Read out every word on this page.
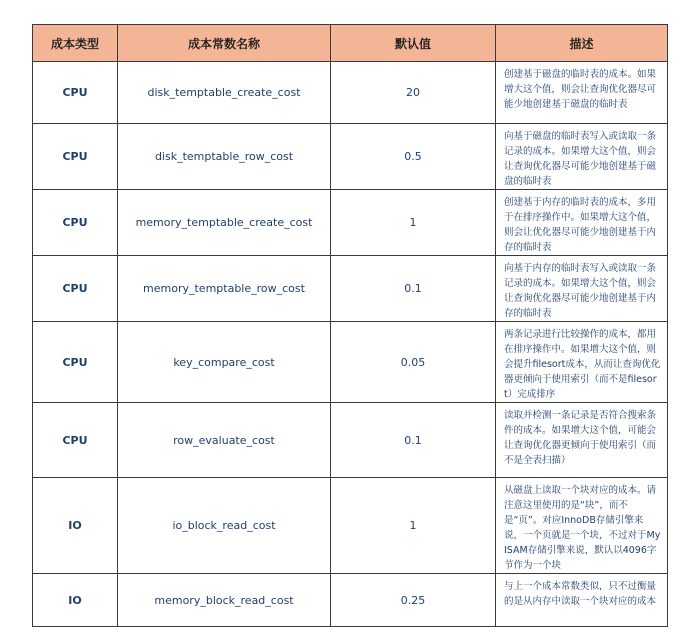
成本类型	成本常数名称	默认值	描述
CPU	disk_temptable_create_cost	20	创建基于磁盘的临时表的成本。如果增大这个值，则会让查询优化器尽可能少地创建基于磁盘的临时表
CPU	disk_temptable_row_cost	0.5	向基于磁盘的临时表写入或读取一条记录的成本。如果增大这个值，则会让查询优化器尽可能少地创建基于磁盘的临时表
CPU	memory_temptable_create_cost	1	创建基于内存的临时表的成本，多用于在排序操作中。如果增大这个值，则会让优化器尽可能少地创建基于内存的临时表
CPU	memory_temptable_row_cost	0.1	向基于内存的临时表写入或读取一条记录的成本。如果增大这个值，则会让查询优化器尽可能少地创建基于内存的临时表
CPU	key_compare_cost	0.05	两条记录进行比较操作的成本，都用在排序操作中。如果增大这个值，则会提升filesort成本，从而让查询优化器更倾向于使用索引（而不是filesort）完成排序
CPU	row_evaluate_cost	0.1	读取并检测一条记录是否符合搜索条件的成本。如果增大这个值，可能会让查询优化器更倾向于使用索引（而不是全表扫描）
IO	io_block_read_cost	1	从磁盘上读取一个块对应的成本。请注意这里使用的是“块”，而不是“页”。对应InnoDB存储引擎来说，一个页就是一个块，不过对于MyISAM存储引擎来说，默认以4096字节作为一个块
IO	memory_block_read_cost	0.25	与上一个成本常数类似，只不过衡量的是从内存中读取一个块对应的成本
